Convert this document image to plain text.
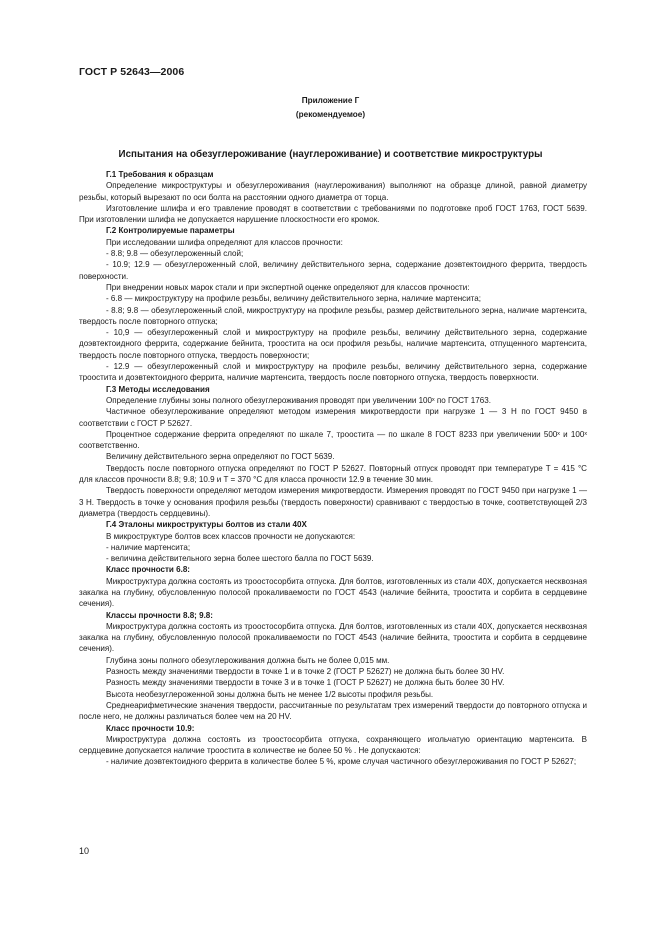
ГОСТ Р 52643—2006
Приложение Г
(рекомендуемое)
Испытания на обезуглероживание (науглероживание) и соответствие микроструктуры

Г.1 Требования к образцам

Определение микроструктуры и обезуглероживания (науглероживания) выполняют на образце длиной, равной диаметру резьбы, который вырезают по оси болта на расстоянии одного диаметра от торца.

Изготовление шлифа и его травление проводят в соответствии с требованиями по подготовке проб ГОСТ 1763, ГОСТ 5639. При изготовлении шлифа не допускается нарушение плоскостности его кромок.

Г.2 Контролируемые параметры

При исследовании шлифа определяют для классов прочности:

- 8.8; 9.8 — обезуглероженный слой;

- 10.9; 12.9 — обезуглероженный слой, величину действительного зерна, содержание доэвтектоидного феррита, твердость поверхности.

При внедрении новых марок стали и при экспертной оценке определяют для классов прочности:

- 6.8 — микроструктуру на профиле резьбы, величину действительного зерна, наличие мартенсита;

- 8.8; 9.8 — обезуглероженный слой, микроструктуру на профиле резьбы, размер действительного зерна, наличие мартенсита, твердость после повторного отпуска;

- 10,9 — обезуглероженный слой и микроструктуру на профиле резьбы, величину действительного зерна, содержание доэвтектоидного феррита, содержание бейнита, троостита на оси профиля резьбы, наличие мартенсита, отпущенного мартенсита, твердость после повторного отпуска, твердость поверхности;

- 12.9 — обезуглероженный слой и микроструктуру на профиле резьбы, величину действительного зерна, содержание троостита и доэвтектоидного феррита, наличие мартенсита, твердость после повторного отпуска, твердость поверхности.

Г.3 Методы исследования

Определение глубины зоны полного обезуглероживания проводят при увеличении 100ˣ по ГОСТ 1763.

Частичное обезуглероживание определяют методом измерения микротвердости при нагрузке 1 — 3 Н по ГОСТ 9450 в соответствии с ГОСТ Р 52627.

Процентное содержание феррита определяют по шкале 7, троостита — по шкале 8 ГОСТ 8233 при увеличении 500ˣ и 100ˣ соответственно.

Величину действительного зерна определяют по ГОСТ 5639.

Твердость после повторного отпуска определяют по ГОСТ Р 52627. Повторный отпуск проводят при температуре T = 415 °С для классов прочности 8.8; 9.8; 10.9 и T = 370 °С для класса прочности 12.9 в течение 30 мин.

Твердость поверхности определяют методом измерения микротвердости. Измерения проводят по ГОСТ 9450 при нагрузке 1 — 3 Н. Твердость в точке у основания профиля резьбы (твердость поверхности) сравнивают с твердостью в точке, соответствующей 2/3 диаметра (твердость сердцевины).

Г.4 Эталоны микроструктуры болтов из стали 40Х

В микроструктуре болтов всех классов прочности не допускаются:

- наличие мартенсита;

- величина действительного зерна более шестого балла по ГОСТ 5639.

Класс прочности 6.8:

Микроструктура должна состоять из троостосорбита отпуска. Для болтов, изготовленных из стали 40Х, допускается несквозная закалка на глубину, обусловленную полосой прокаливаемости по ГОСТ 4543 (наличие бейнита, троостита и сорбита в сердцевине сечения).

Классы прочности 8.8; 9.8:

Микроструктура должна состоять из троостосорбита отпуска. Для болтов, изготовленных из стали 40Х, допускается несквозная закалка на глубину, обусловленную полосой прокаливаемости по ГОСТ 4543 (наличие бейнита, троостита и сорбита в сердцевине сечения).

Глубина зоны полного обезуглероживания должна быть не более 0,015 мм.

Разность между значениями твердости в точке 1 и в точке 2 (ГОСТ Р 52627) не должна быть более 30 HV.

Разность между значениями твердости в точке 3 и в точке 1 (ГОСТ Р 52627) не должна быть более 30 HV.

Высота необезуглероженной зоны должна быть не менее 1/2 высоты профиля резьбы.

Среднеарифметические значения твердости, рассчитанные по результатам трех измерений твердости до повторного отпуска и после него, не должны различаться более чем на 20 HV.

Класс прочности 10.9:

Микроструктура должна состоять из троостосорбита отпуска, сохраняющего игольчатую ориентацию мартенсита. В сердцевине допускается наличие троостита в количестве не более 50 % . Не допускаются:

- наличие доэвтектоидного феррита в количестве более 5 %, кроме случая частичного обезуглероживания по ГОСТ Р 52627;

10
